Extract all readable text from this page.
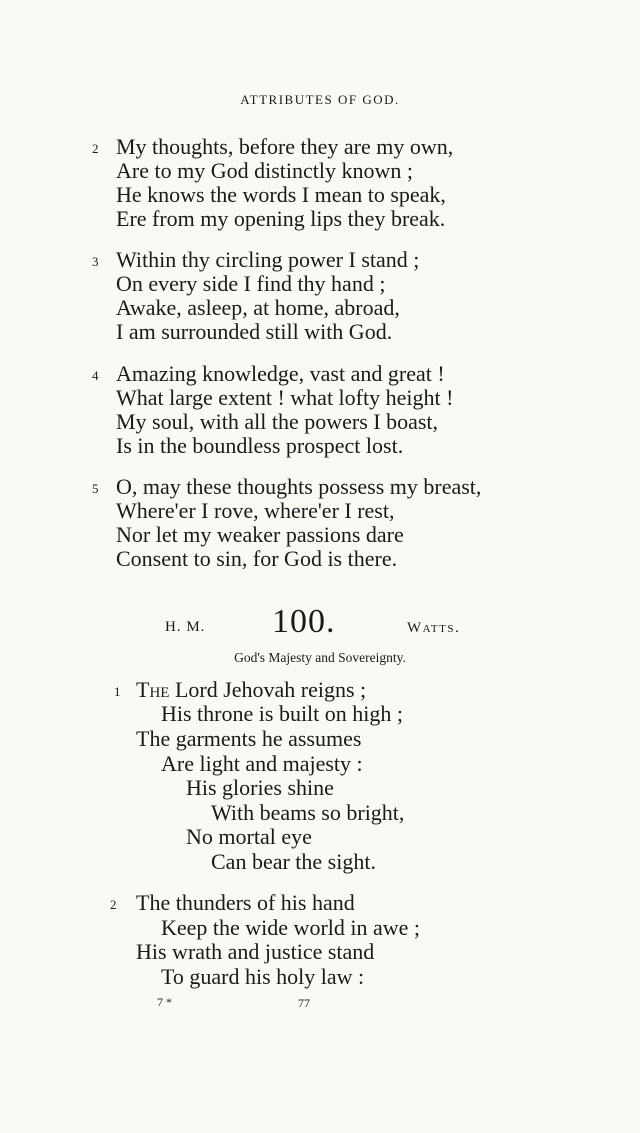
ATTRIBUTES OF GOD.
2 My thoughts, before they are my own,
Are to my God distinctly known ;
He knows the words I mean to speak,
Ere from my opening lips they break.
3 Within thy circling power I stand ;
On every side I find thy hand ;
Awake, asleep, at home, abroad,
I am surrounded still with God.
4 Amazing knowledge, vast and great !
What large extent ! what lofty height !
My soul, with all the powers I boast,
Is in the boundless prospect lost.
5 O, may these thoughts possess my breast,
Where'er I rove, where'er I rest,
Nor let my weaker passions dare
Consent to sin, for God is there.
H. M. 100.	Watts.
God's Majesty and Sovereignty.
1 The Lord Jehovah reigns ;
His throne is built on high ;
The garments he assumes
Are light and majesty :
His glories shine
With beams so bright,
No mortal eye
Can bear the sight.
2 The thunders of his hand
Keep the wide world in awe ;
His wrath and justice stand
To guard his holy law :
7 *	77
